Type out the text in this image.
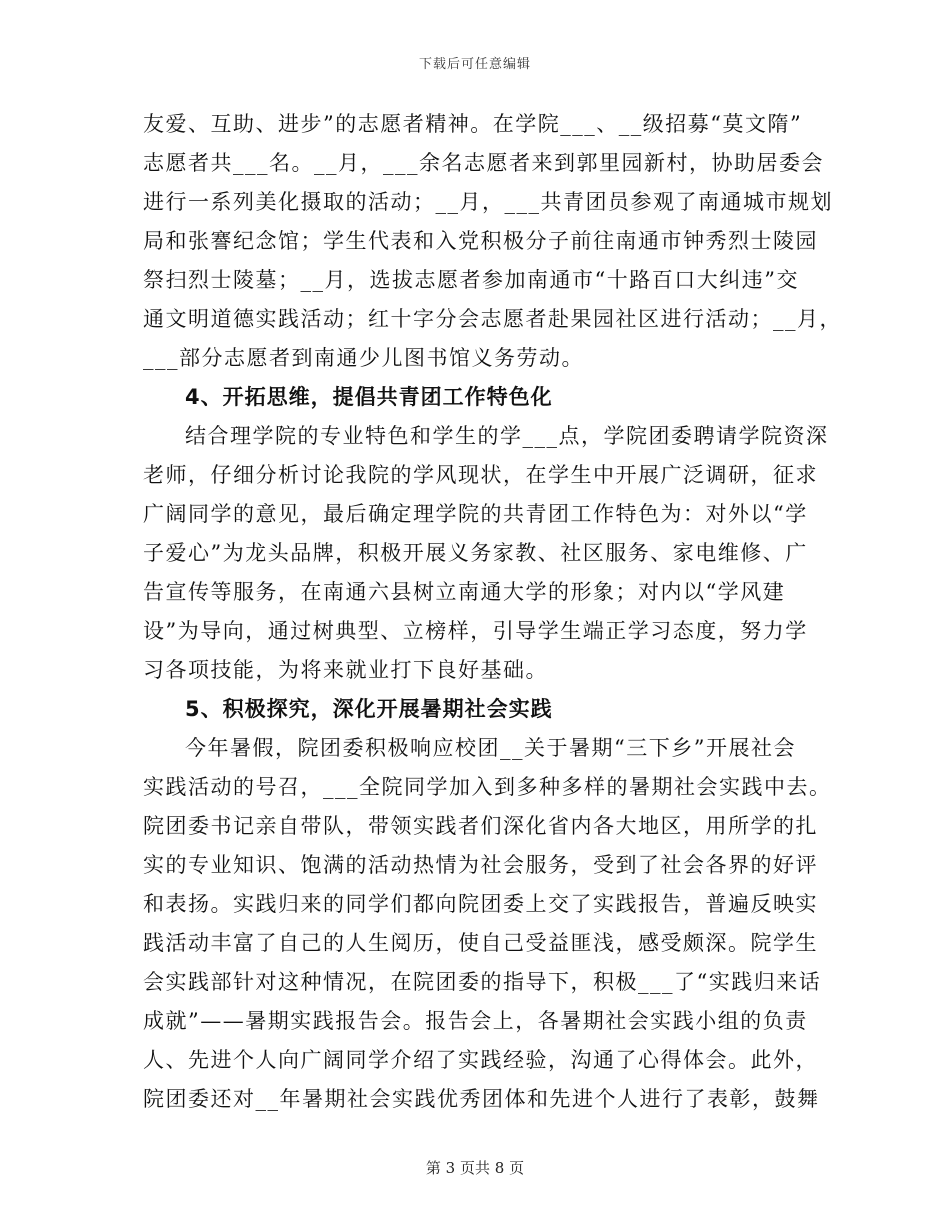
下载后可任意编辑
友爱、互助、进步”的志愿者精神。在学院___、__级招募“莫文隋”
志愿者共___名。__月，___余名志愿者来到郭里园新村，协助居委会
进行一系列美化摄取的活动；__月，___共青团员参观了南通城市规划
局和张謇纪念馆；学生代表和入党积极分子前往南通市钟秀烈士陵园
祭扫烈士陵墓；__月，选拔志愿者参加南通市“十路百口大纠违”交
通文明道德实践活动；红十字分会志愿者赴果园社区进行活动；__月，
___部分志愿者到南通少儿图书馆义务劳动。
4、开拓思维，提倡共青团工作特色化
结合理学院的专业特色和学生的学___点，学院团委聘请学院资深
老师，仔细分析讨论我院的学风现状，在学生中开展广泛调研，征求
广阔同学的意见，最后确定理学院的共青团工作特色为：对外以“学
子爱心”为龙头品牌，积极开展义务家教、社区服务、家电维修、广
告宣传等服务，在南通六县树立南通大学的形象；对内以“学风建
设”为导向，通过树典型、立榜样，引导学生端正学习态度，努力学
习各项技能，为将来就业打下良好基础。
5、积极探究，深化开展暑期社会实践
今年暑假，院团委积极响应校团__关于暑期“三下乡”开展社会
实践活动的号召，___全院同学加入到多种多样的暑期社会实践中去。
院团委书记亲自带队，带领实践者们深化省内各大地区，用所学的扎
实的专业知识、饱满的活动热情为社会服务，受到了社会各界的好评
和表扬。实践归来的同学们都向院团委上交了实践报告，普遍反映实
践活动丰富了自己的人生阅历，使自己受益匪浅，感受颇深。院学生
会实践部针对这种情况，在院团委的指导下，积极___了“实践归来话
成就”——暑期实践报告会。报告会上，各暑期社会实践小组的负责
人、先进个人向广阔同学介绍了实践经验，沟通了心得体会。此外，
院团委还对__年暑期社会实践优秀团体和先进个人进行了表彰，鼓舞
第 3 页共 8 页
